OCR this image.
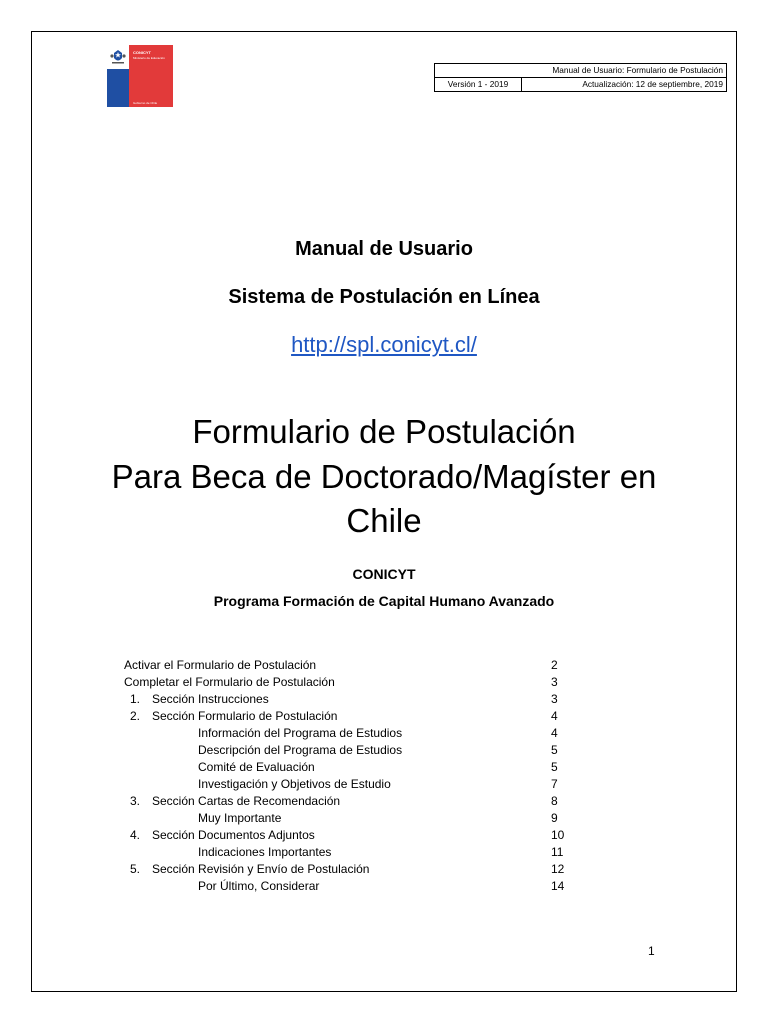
CONICYT
Ministerio de Educación
Gobierno de Chile
Manual de Usuario: Formulario de Postulación
Versión 1 - 2019	Actualización: 12 de septiembre, 2019
Manual de Usuario
Sistema de Postulación en Línea
http://spl.conicyt.cl/
Formulario de Postulación
Para Beca de Doctorado/Magíster en
Chile
CONICYT
Programa Formación de Capital Humano Avanzado
Activar el Formulario de Postulación	2
Completar el Formulario de Postulación	3
1. Sección Instrucciones	3
2. Sección Formulario de Postulación	4
Información del Programa de Estudios	4
Descripción del Programa de Estudios	5
Comité de Evaluación	5
Investigación y Objetivos de Estudio	7
3. Sección Cartas de Recomendación	8
Muy Importante	9
4. Sección Documentos Adjuntos	10
Indicaciones Importantes	11
5. Sección Revisión y Envío de Postulación	12
Por Último, Considerar	14
1
